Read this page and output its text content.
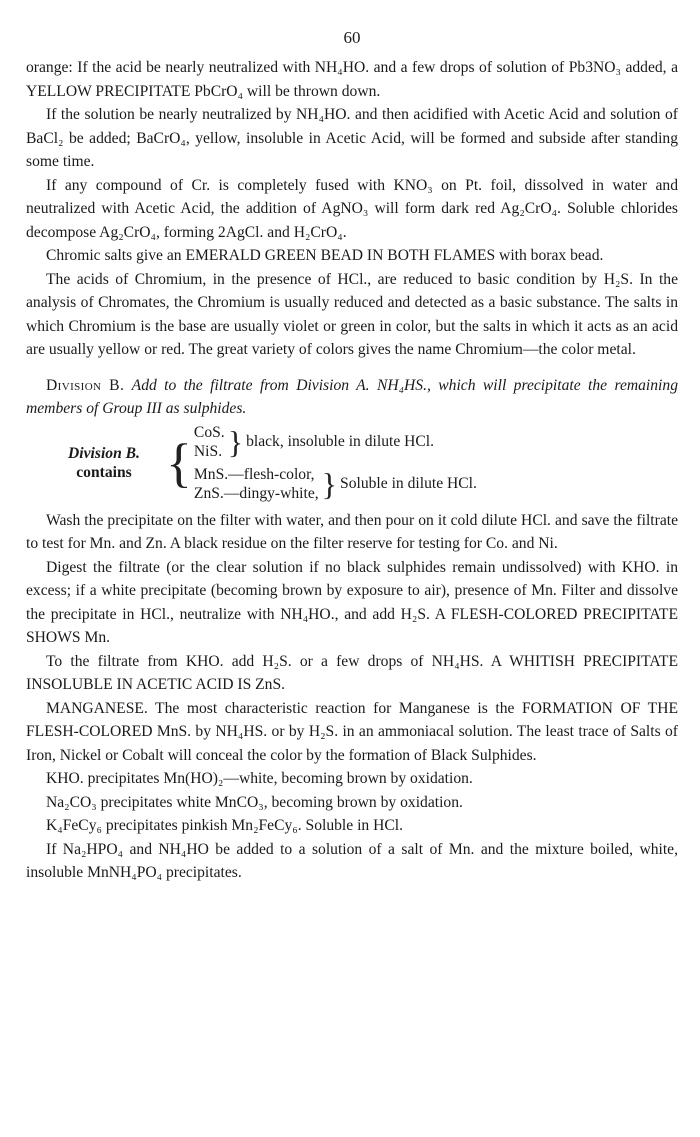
60

orange: If the acid be nearly neutralized with NH₄HO. and a few drops of solution of Pb3NO₃ added, a YELLOW PRECIPITATE PbCrO₄ will be thrown down.

If the solution be nearly neutralized by NH₄HO. and then acidified with Acetic Acid and solution of BaCl₂ be added; BaCrO₄, yellow, insoluble in Acetic Acid, will be formed and subside after standing some time.

If any compound of Cr. is completely fused with KNO₃ on Pt. foil, dissolved in water and neutralized with Acetic Acid, the addition of AgNO₃ will form dark red Ag₂CrO₄. Soluble chlorides decompose Ag₂CrO₄, forming 2AgCl. and H₂CrO₄.

Chromic salts give an EMERALD GREEN BEAD IN BOTH FLAMES with borax bead.

The acids of Chromium, in the presence of HCl., are reduced to basic condition by H₂S. In the analysis of Chromates, the Chromium is usually reduced and detected as a basic substance. The salts in which Chromium is the base are usually violet or green in color, but the salts in which it acts as an acid are usually yellow or red. The great variety of colors gives the name Chromium—the color metal.

Division B. Add to the filtrate from Division A. NH₄HS., which will precipitate the remaining members of Group III as sulphides.

Division B.
contains {
CoS.
NiS. } black, insoluble in dilute HCl.
MnS.—flesh-color,
ZnS.—dingy-white, } Soluble in dilute HCl.

Wash the precipitate on the filter with water, and then pour on it cold dilute HCl. and save the filtrate to test for Mn. and Zn. A black residue on the filter reserve for testing for Co. and Ni.

Digest the filtrate (or the clear solution if no black sulphides remain undissolved) with KHO. in excess; if a white precipitate (becoming brown by exposure to air), presence of Mn. Filter and dissolve the precipitate in HCl., neutralize with NH₄HO., and add H₂S. A FLESH-COLORED PRECIPITATE SHOWS Mn.

To the filtrate from KHO. add H₂S. or a few drops of NH₄HS. A WHITISH PRECIPITATE INSOLUBLE IN ACETIC ACID IS ZnS.

MANGANESE. The most characteristic reaction for Manganese is the FORMATION OF THE FLESH-COLORED MnS. by NH₄HS. or by H₂S. in an ammoniacal solution. The least trace of Salts of Iron, Nickel or Cobalt will conceal the color by the formation of Black Sulphides.

KHO. precipitates Mn(HO)₂—white, becoming brown by oxidation.

Na₂CO₃ precipitates white MnCO₃, becoming brown by oxidation.

K₄FeCy₆ precipitates pinkish Mn₂FeCy₆. Soluble in HCl.

If Na₂HPO₄ and NH₄HO be added to a solution of a salt of Mn. and the mixture boiled, white, insoluble MnNH₄PO₄ precipitates.
